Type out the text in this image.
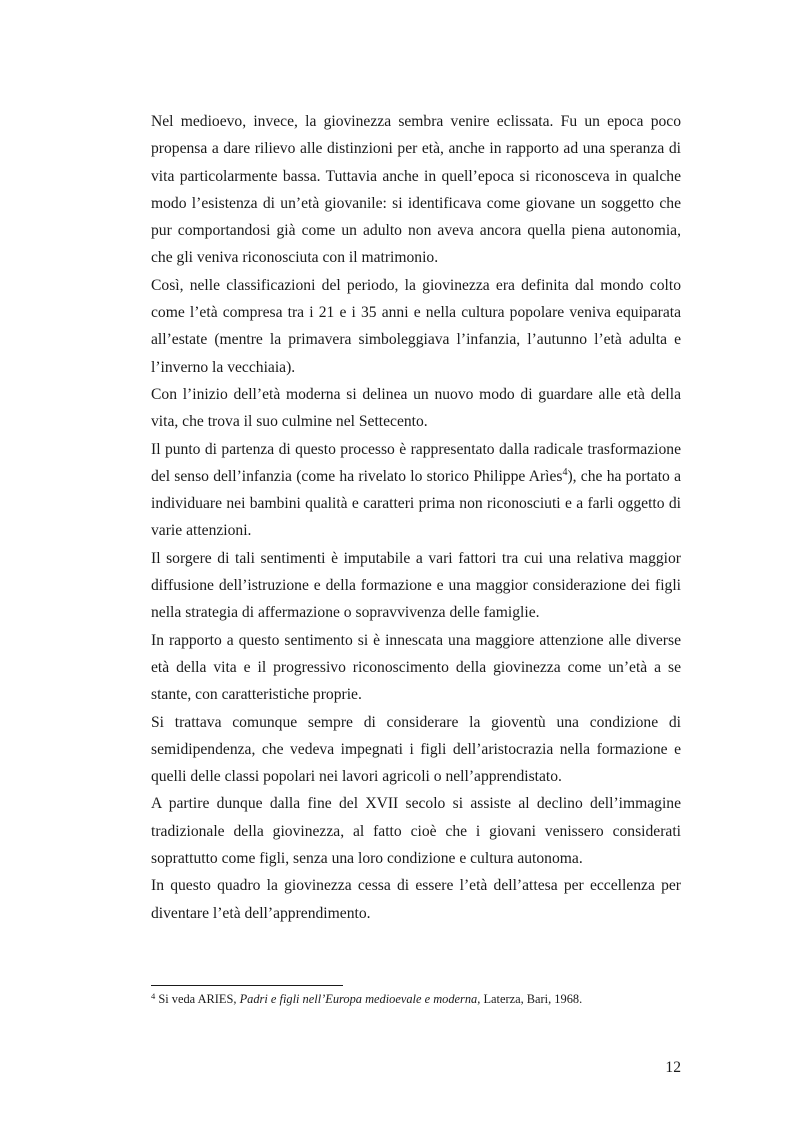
Nel medioevo, invece, la giovinezza sembra venire eclissata. Fu un epoca poco propensa a dare rilievo alle distinzioni per età, anche in rapporto ad una speranza di vita particolarmente bassa. Tuttavia anche in quell’epoca si riconosceva in qualche modo l’esistenza di un’età giovanile: si identificava come giovane un soggetto che pur comportandosi già come un adulto non aveva ancora quella piena autonomia, che gli veniva riconosciuta con il matrimonio.

Così, nelle classificazioni del periodo, la giovinezza era definita dal mondo colto come l’età compresa tra i 21 e i 35 anni e nella cultura popolare veniva equiparata all’estate (mentre la primavera simboleggiava l’infanzia, l’autunno l’età adulta e l’inverno la vecchiaia).

Con l’inizio dell’età moderna si delinea un nuovo modo di guardare alle età della vita, che trova il suo culmine nel Settecento.

Il punto di partenza di questo processo è rappresentato dalla radicale trasformazione del senso dell’infanzia (come ha rivelato lo storico Philippe Arìes$^4$), che ha portato a individuare nei bambini qualità e caratteri prima non riconosciuti e a farli oggetto di varie attenzioni.

Il sorgere di tali sentimenti è imputabile a vari fattori tra cui una relativa maggior diffusione dell’istruzione e della formazione e una maggior considerazione dei figli nella strategia di affermazione o sopravvivenza delle famiglie.

In rapporto a questo sentimento si è innescata una maggiore attenzione alle diverse età della vita e il progressivo riconoscimento della giovinezza come un’età a se stante, con caratteristiche proprie.

Si trattava comunque sempre di considerare la gioventù una condizione di semidipendenza, che vedeva impegnati i figli dell’aristocrazia nella formazione e quelli delle classi popolari nei lavori agricoli o nell’apprendistato.

A partire dunque dalla fine del XVII secolo si assiste al declino dell’immagine tradizionale della giovinezza, al fatto cioè che i giovani venissero considerati soprattutto come figli, senza una loro condizione e cultura autonoma.

In questo quadro la giovinezza cessa di essere l’età dell’attesa per eccellenza per diventare l’età dell’apprendimento.

$^4$ Si veda ARIES, Padri e figli nell’Europa medioevale e moderna, Laterza, Bari, 1968.
12
